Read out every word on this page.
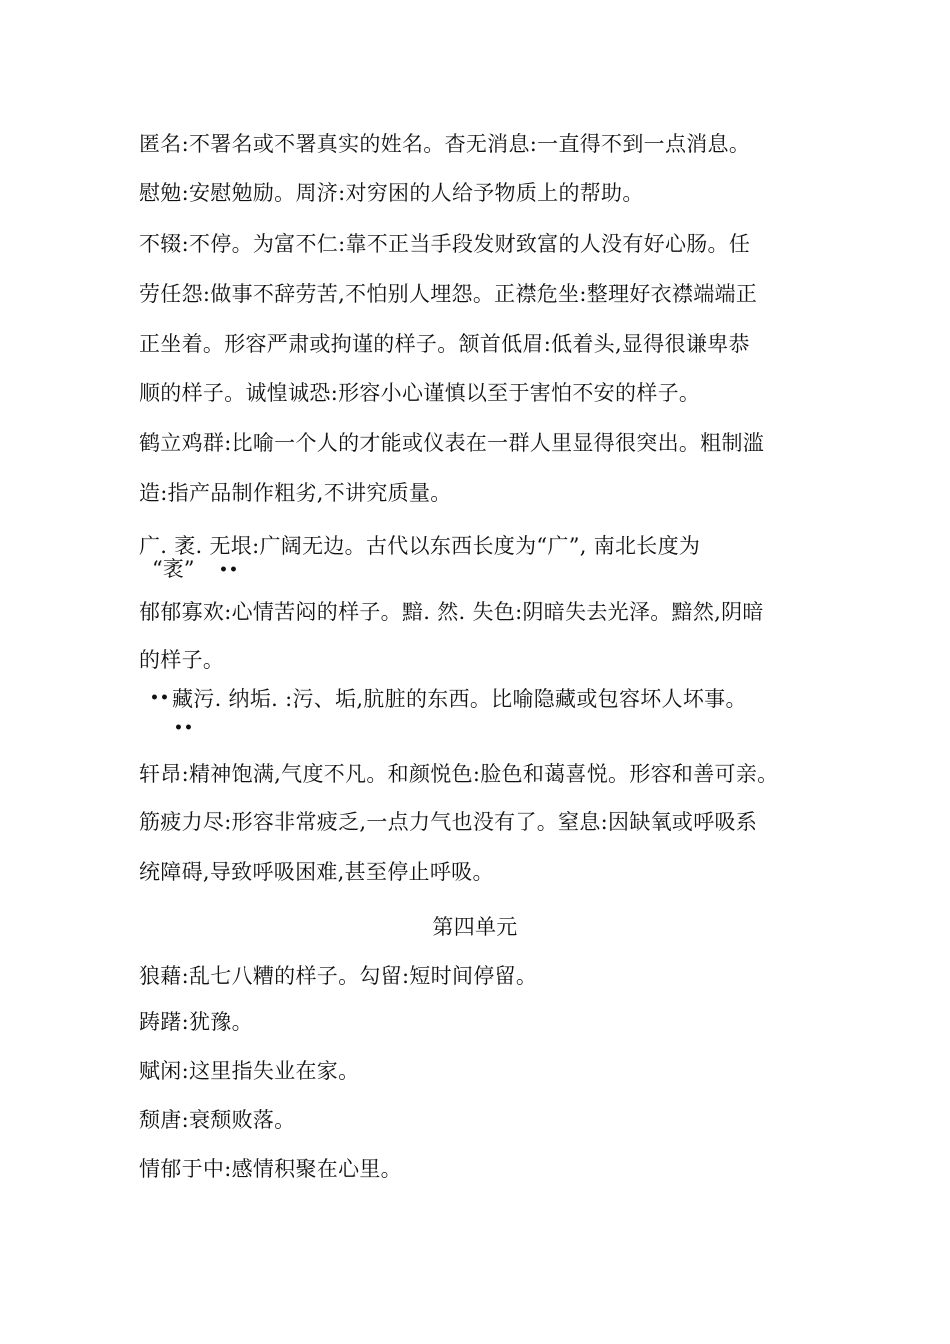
匿名:不署名或不署真实的姓名。杳无消息:一直得不到一点消息。
慰勉:安慰勉励。周济:对穷困的人给予物质上的帮助。
不辍:不停。为富不仁:靠不正当手段发财致富的人没有好心肠。任
劳任怨:做事不辞劳苦,不怕别人埋怨。正襟危坐:整理好衣襟端端正
正坐着。形容严肃或拘谨的样子。颔首低眉:低着头,显得很谦卑恭
顺的样子。诚惶诚恐:形容小心谨慎以至于害怕不安的样子。
鹤立鸡群:比喻一个人的才能或仪表在一群人里显得很突出。粗制滥
造:指产品制作粗劣,不讲究质量。
广. 袤. 无垠:广阔无边。古代以东西长度为“广”, 南北长度为
“袤” ••
郁郁寡欢:心情苦闷的样子。黯. 然. 失色:阴暗失去光泽。黯然,阴暗
的样子。
•• 藏污. 纳垢. :污、垢,肮脏的东西。比喻隐藏或包容坏人坏事。
••
轩昂:精神饱满,气度不凡。和颜悦色:脸色和蔼喜悦。形容和善可亲。
筋疲力尽:形容非常疲乏,一点力气也没有了。窒息:因缺氧或呼吸系
统障碍,导致呼吸困难,甚至停止呼吸。
第四单元
狼藉:乱七八糟的样子。勾留:短时间停留。
踌躇:犹豫。
赋闲:这里指失业在家。
颓唐:衰颓败落。
情郁于中:感情积聚在心里。
